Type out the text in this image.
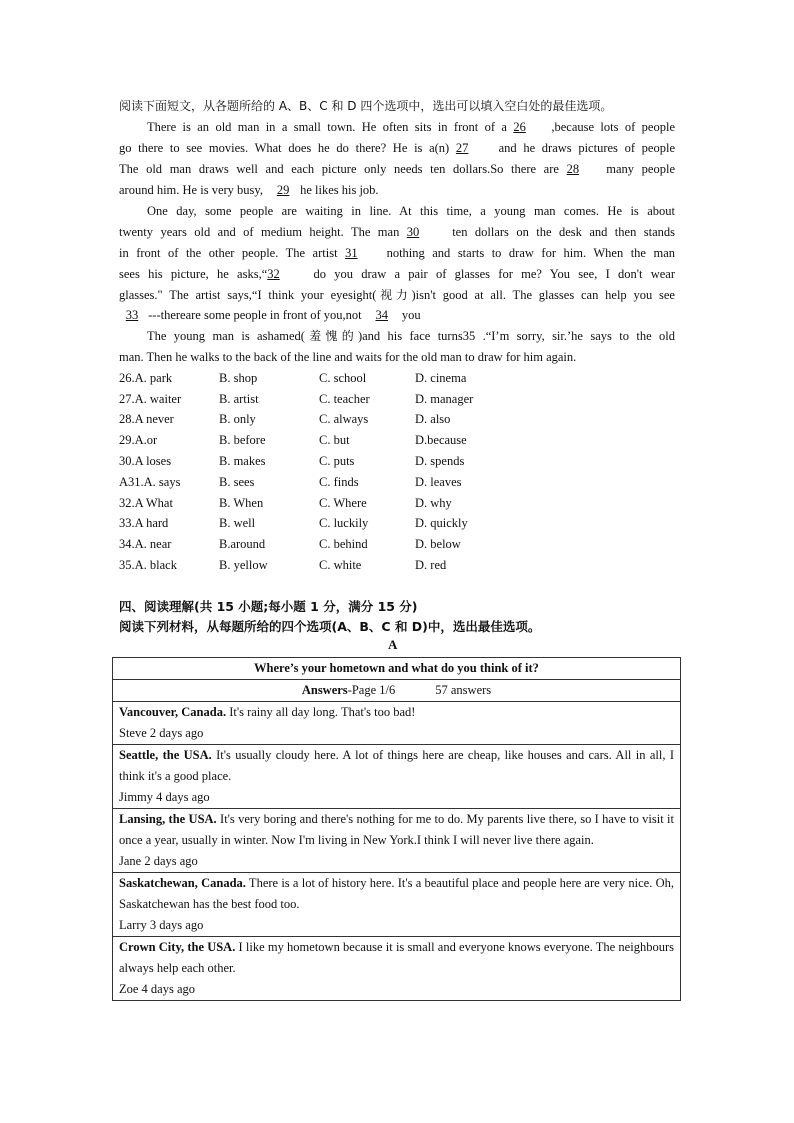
阅读下面短文，从各题所给的 A、B、C 和 D 四个选项中，选出可以填入空白处的最佳选项。
There is an old man in a small town. He often sits in front of a 26 ,because lots of people
go there to see movies. What does he do there? He is a(n) 27 and he draws pictures of people
The old man draws well and each picture only needs ten dollars.So there are 28 many people
around him. He is very busy, 29 he likes his job.
One day, some people are waiting in line. At this time, a young man comes. He is about
twenty years old and of medium height. The man 30 ten dollars on the desk and then stands
in front of the other people. The artist 31 nothing and starts to draw for him. When the man
sees his picture, he asks,“32 do you draw a pair of glasses for me? You see, I don't wear
glasses." The artist says,“I think your eyesight(视力)isn't good at all. The glasses can help you see
33 ---thereare some people in front of you,not 34 you
The young man is ashamed(羞愧的)and his face turns35 .“I’m sorry, sir.’he says to the old
man. Then he walks to the back of the line and waits for the old man to draw for him again.
26.A. park	B. shop	C. school	D. cinema
27.A. waiter	B. artist	C. teacher	D. manager
28.A never	B. only	C. always	D. also
29.A.or	B. before	C. but	D.because
30.A loses	B. makes	C. puts	D. spends
A31.A. says	B. sees	C. finds	D. leaves
32.A What	B. When	C. Where	D. why
33.A hard	B. well	C. luckily	D. quickly
34.A. near	B.around	C. behind	D. below
35.A. black	B. yellow	C. white	D. red
四、阅读理解(共 15 小题;每小题 1 分，满分 15 分)
阅读下列材料，从每题所给的四个选项(A、B、C 和 D)中，选出最佳选项。
A
Where’s your hometown and what do you think of it?
Answers-Page 1/6	57 answers
Vancouver, Canada. It's rainy all day long. That's too bad!
Steve 2 days ago

Seattle, the USA. It's usually cloudy here. A lot of things here are cheap, like houses and cars. All in all, I think it's a good place.
Jimmy 4 days ago

Lansing, the USA. It's very boring and there's nothing for me to do. My parents live there, so I have to visit it once a year, usually in winter. Now I'm living in New York.I think I will never live there again.
Jane 2 days ago

Saskatchewan, Canada. There is a lot of history here. It's a beautiful place and people here are very nice. Oh, Saskatchewan has the best food too.
Larry 3 days ago

Crown City, the USA. I like my hometown because it is small and everyone knows everyone. The neighbours always help each other.
Zoe 4 days ago
